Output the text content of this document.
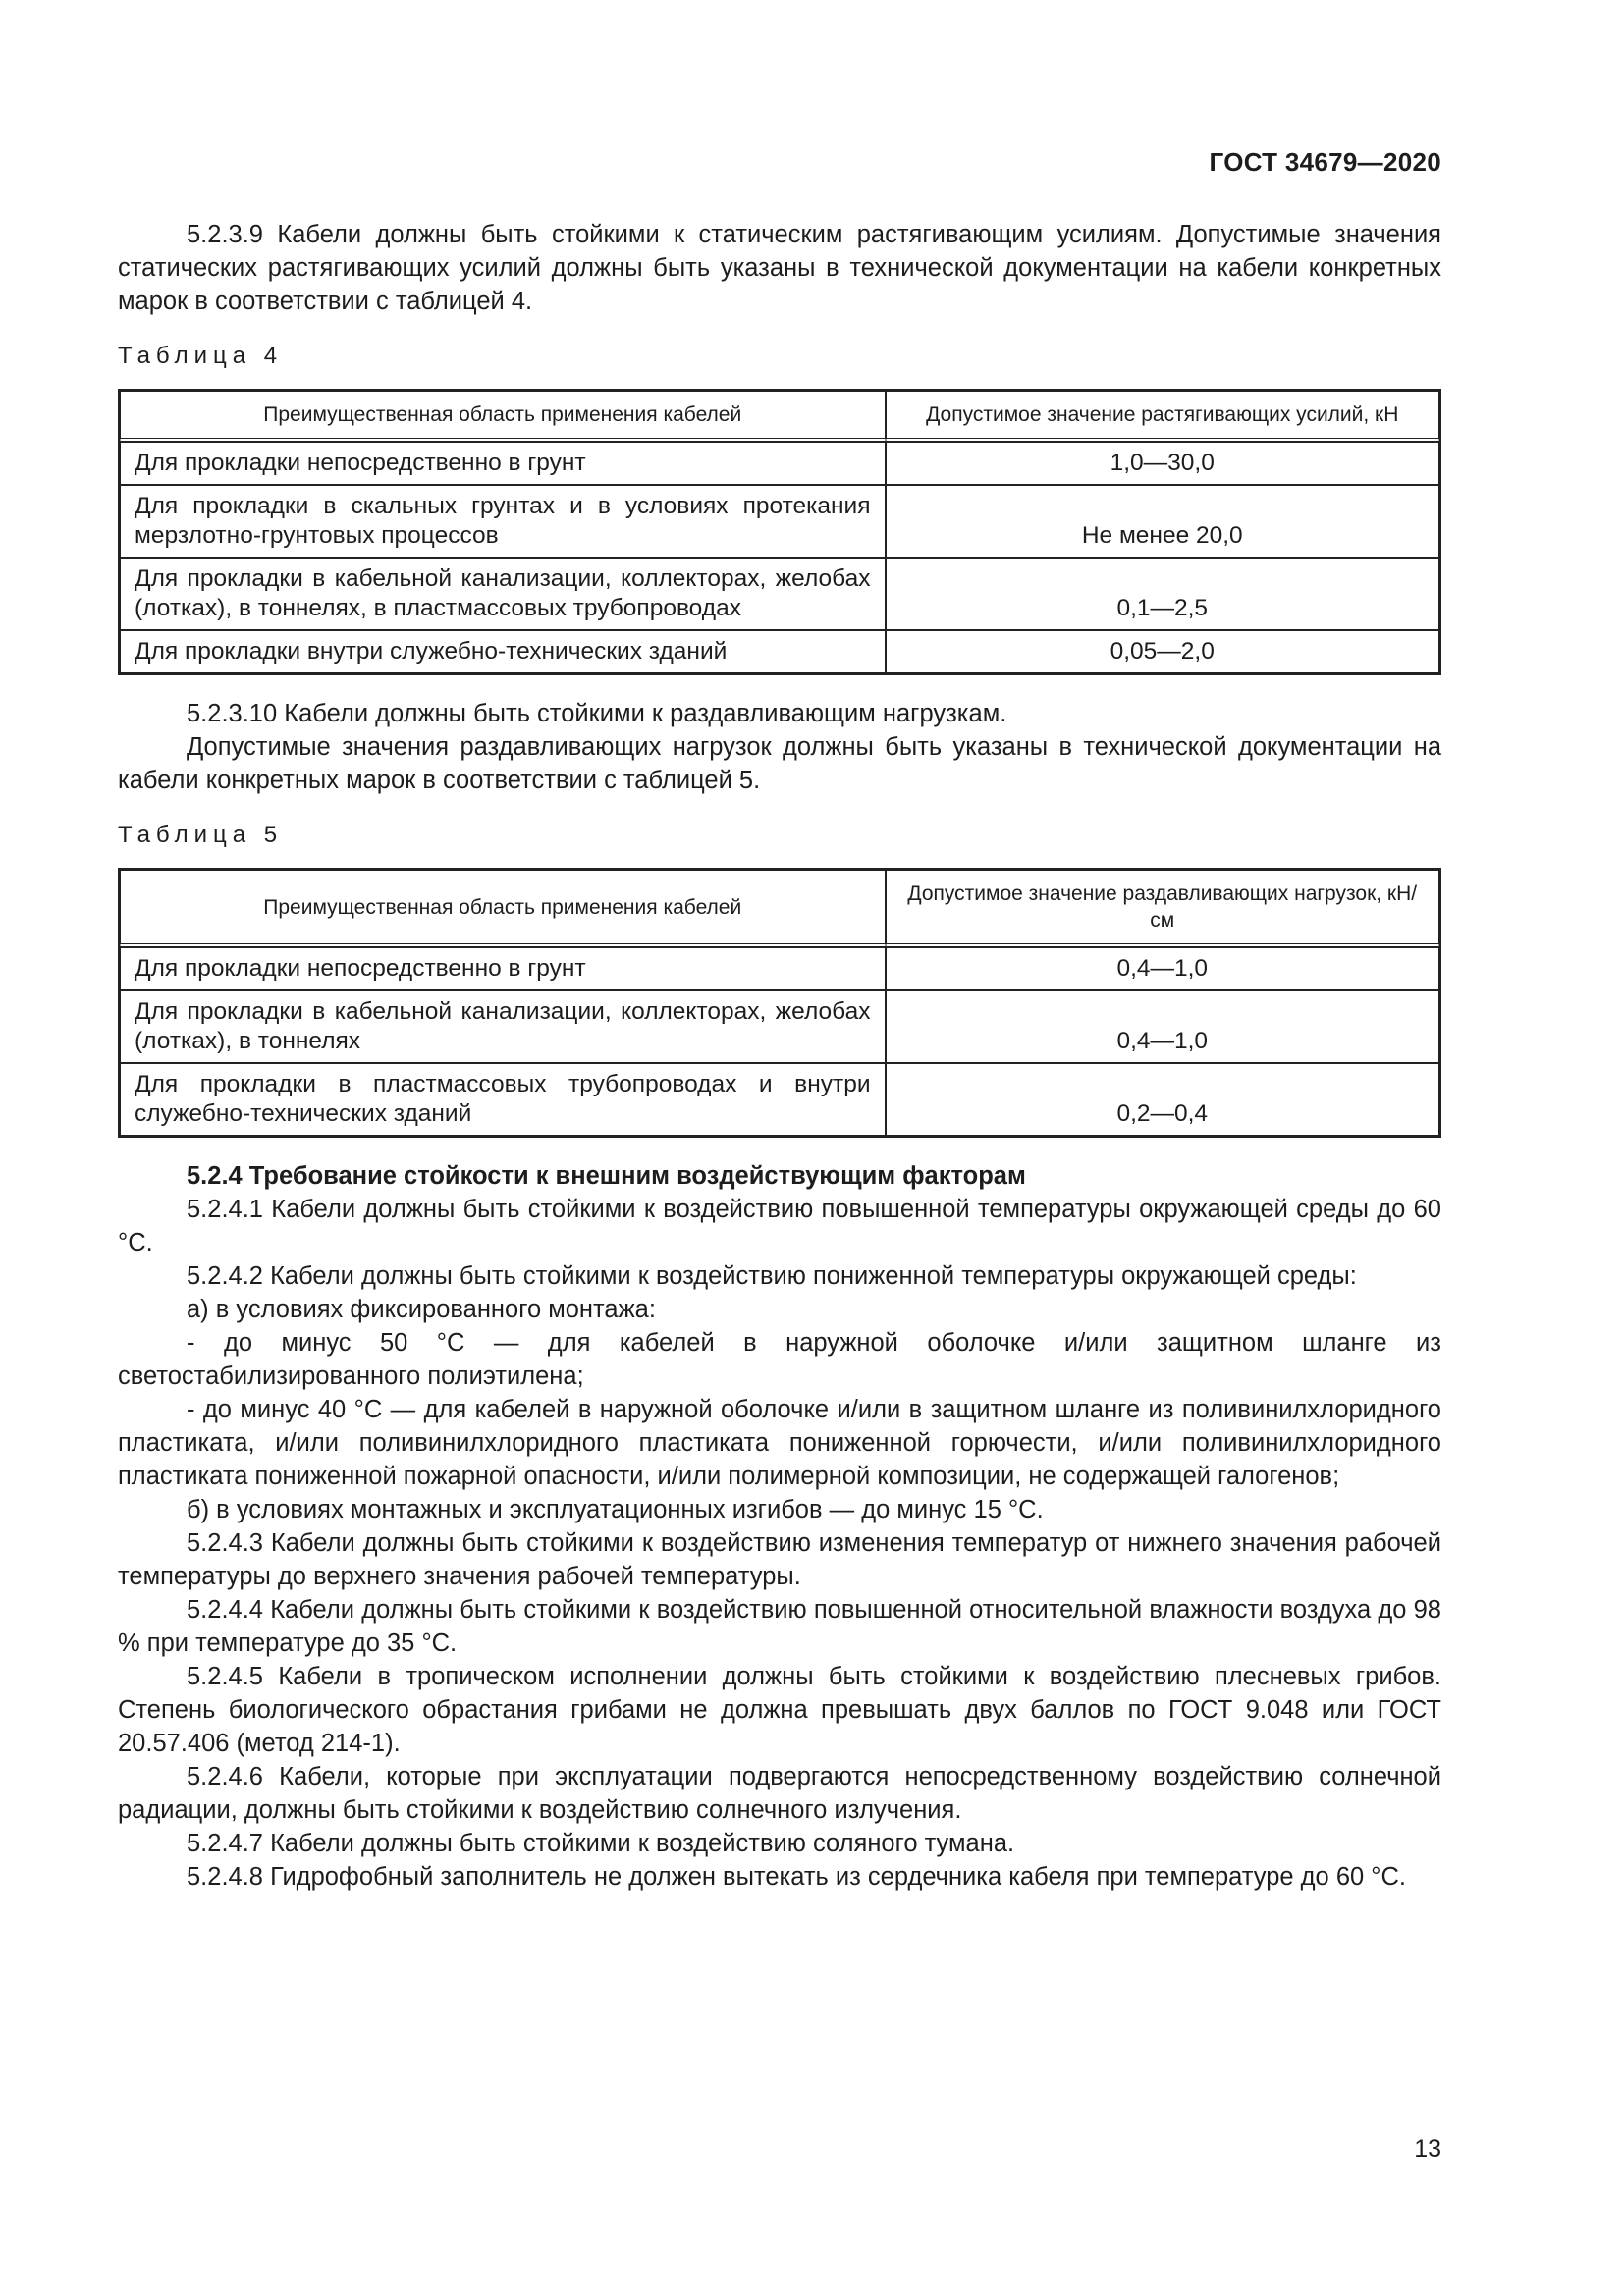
ГОСТ 34679—2020

5.2.3.9 Кабели должны быть стойкими к статическим растягивающим усилиям. Допустимые значения статических растягивающих усилий должны быть указаны в технической документации на кабели конкретных марок в соответствии с таблицей 4.

Таблица 4
Преимущественная область применения кабелей	Допустимое значение растягивающих усилий, кН
Для прокладки непосредственно в грунт	1,0—30,0
Для прокладки в скальных грунтах и в условиях протекания мерзлотно-грунтовых процессов	Не менее 20,0
Для прокладки в кабельной канализации, коллекторах, желобах (лотках), в тоннелях, в пластмассовых трубопроводах	0,1—2,5
Для прокладки внутри служебно-технических зданий	0,05—2,0

5.2.3.10 Кабели должны быть стойкими к раздавливающим нагрузкам.

Допустимые значения раздавливающих нагрузок должны быть указаны в технической документации на кабели конкретных марок в соответствии с таблицей 5.

Таблица 5
Преимущественная область применения кабелей	Допустимое значение раздавливающих нагрузок, кН/см
Для прокладки непосредственно в грунт	0,4—1,0
Для прокладки в кабельной канализации, коллекторах, желобах (лотках), в тоннелях	0,4—1,0
Для прокладки в пластмассовых трубопроводах и внутри служебно-технических зданий	0,2—0,4

5.2.4 Требование стойкости к внешним воздействующим факторам

5.2.4.1 Кабели должны быть стойкими к воздействию повышенной температуры окружающей среды до 60 °C.

5.2.4.2 Кабели должны быть стойкими к воздействию пониженной температуры окружающей среды:

а) в условиях фиксированного монтажа:

- до минус 50 °C — для кабелей в наружной оболочке и/или защитном шланге из светостабилизированного полиэтилена;

- до минус 40 °C — для кабелей в наружной оболочке и/или в защитном шланге из поливинилхлоридного пластиката, и/или поливинилхлоридного пластиката пониженной горючести, и/или поливинилхлоридного пластиката пониженной пожарной опасности, и/или полимерной композиции, не содержащей галогенов;

б) в условиях монтажных и эксплуатационных изгибов — до минус 15 °C.

5.2.4.3 Кабели должны быть стойкими к воздействию изменения температур от нижнего значения рабочей температуры до верхнего значения рабочей температуры.

5.2.4.4 Кабели должны быть стойкими к воздействию повышенной относительной влажности воздуха до 98 % при температуре до 35 °C.

5.2.4.5 Кабели в тропическом исполнении должны быть стойкими к воздействию плесневых грибов. Степень биологического обрастания грибами не должна превышать двух баллов по ГОСТ 9.048 или ГОСТ 20.57.406 (метод 214-1).

5.2.4.6 Кабели, которые при эксплуатации подвергаются непосредственному воздействию солнечной радиации, должны быть стойкими к воздействию солнечного излучения.

5.2.4.7 Кабели должны быть стойкими к воздействию соляного тумана.

5.2.4.8 Гидрофобный заполнитель не должен вытекать из сердечника кабеля при температуре до 60 °C.

13
